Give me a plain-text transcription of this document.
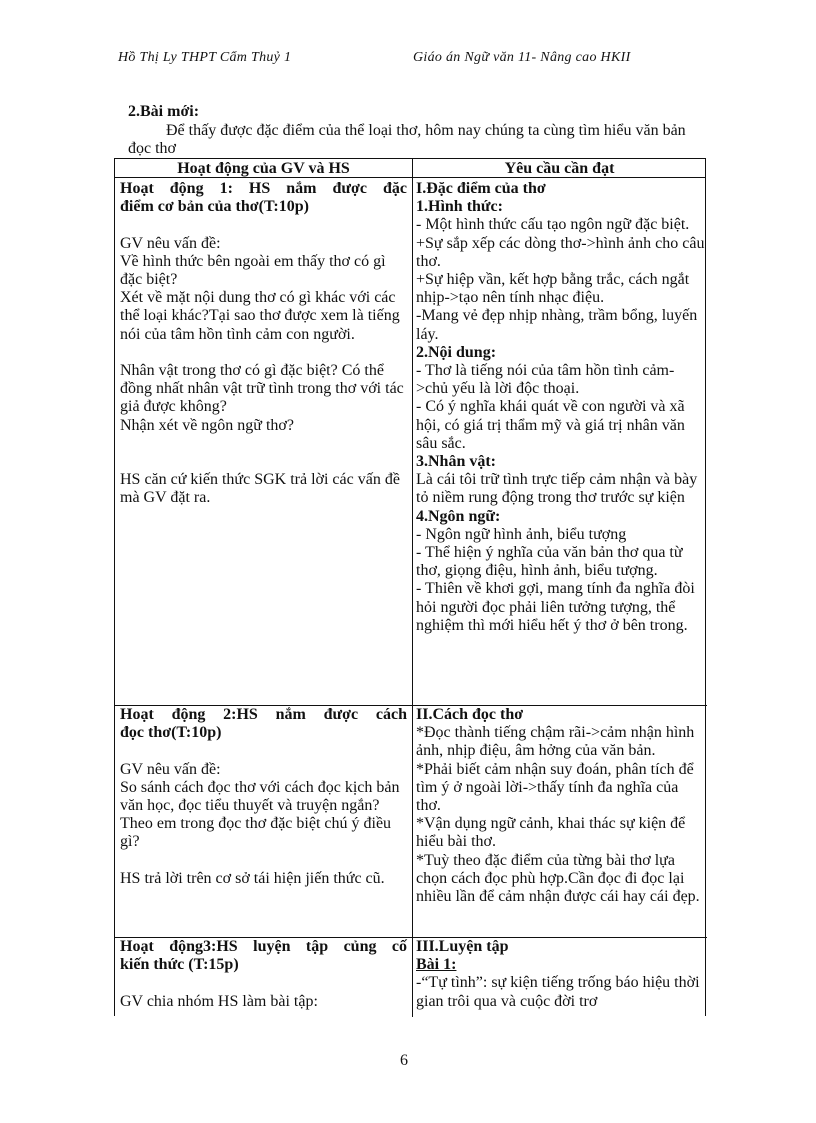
Hồ Thị Ly THPT Cẩm Thuỷ 1	Giáo án Ngữ văn 11- Nâng cao HKII
2.Bài mới:
Để thấy được đặc điểm của thể loại thơ, hôm nay chúng ta cùng tìm hiểu văn bản đọc thơ
Hoạt động của GV và HS	Yêu cầu cần đạt
Hoạt động 1: HS nắm được đặc
điểm cơ bản của thơ(T:10p)
GV nêu vấn đề:
Về hình thức bên ngoài em thấy thơ có gì đặc biệt?
Xét về mặt nội dung thơ có gì khác với các thể loại khác?Tại sao thơ được xem là tiếng nói của tâm hồn tình cảm con người.
Nhân vật trong thơ có gì đặc biệt? Có thể đồng nhất nhân vật trữ tình trong thơ với tác giả được không?
Nhận xét về ngôn ngữ thơ?
HS căn cứ kiến thức SGK trả lời các vấn đề mà GV đặt ra.
I.Đặc điểm của thơ
1.Hình thức:
- Một hình thức cấu tạo ngôn ngữ đặc biệt.
+Sự sắp xếp các dòng thơ->hình ảnh cho câu thơ.
+Sự hiệp vần, kết hợp bằng trắc, cách ngắt nhịp->tạo nên tính nhạc điệu.
-Mang vẻ đẹp nhịp nhàng, trầm bổng, luyến láy.
2.Nội dung:
- Thơ là tiếng nói của tâm hồn tình cảm->chủ yếu là lời độc thoại.
- Có ý nghĩa khái quát về con người và xã hội, có giá trị thẩm mỹ và giá trị nhân văn sâu sắc.
3.Nhân vật:
Là cái tôi trữ tình trực tiếp cảm nhận và bày tỏ niềm rung động trong thơ trước sự kiện
4.Ngôn ngữ:
- Ngôn ngữ hình ảnh, biểu tượng
- Thể hiện ý nghĩa của văn bản thơ qua từ thơ, giọng điệu, hình ảnh, biểu tượng.
- Thiên về khơi gợi, mang tính đa nghĩa đòi hỏi người đọc phải liên tưởng tượng, thể nghiệm thì mới hiểu hết ý thơ ở bên trong.
Hoạt động 2:HS nắm được cách
đọc thơ(T:10p)
GV nêu vấn đề:
So sánh cách đọc thơ với cách đọc kịch bản văn học, đọc tiểu thuyết và truyện ngắn?Theo em trong đọc thơ đặc biệt chú ý điều gì?
HS trả lời trên cơ sở tái hiện jiến thức cũ.
II.Cách đọc thơ
*Đọc thành tiếng chậm rãi->cảm nhận hình ảnh, nhịp điệu, âm hởng của văn bản.
*Phải biết cảm nhận suy đoán, phân tích để tìm ý ở ngoài lời->thấy tính đa nghĩa của thơ.
*Vận dụng ngữ cảnh, khai thác sự kiện để hiểu bài thơ.
*Tuỳ theo đặc điểm của từng bài thơ lựa chọn cách đọc phù hợp.Cần đọc đi đọc lại nhiều lần để cảm nhận được cái hay cái đẹp.
Hoạt động3:HS luyện tập củng cố
kiến thức (T:15p)
GV chia nhóm HS làm bài tập:
III.Luyện tập
Bài 1:
-“Tự tình”: sự kiện tiếng trống báo hiệu thời gian trôi qua và cuộc đời trơ
6
